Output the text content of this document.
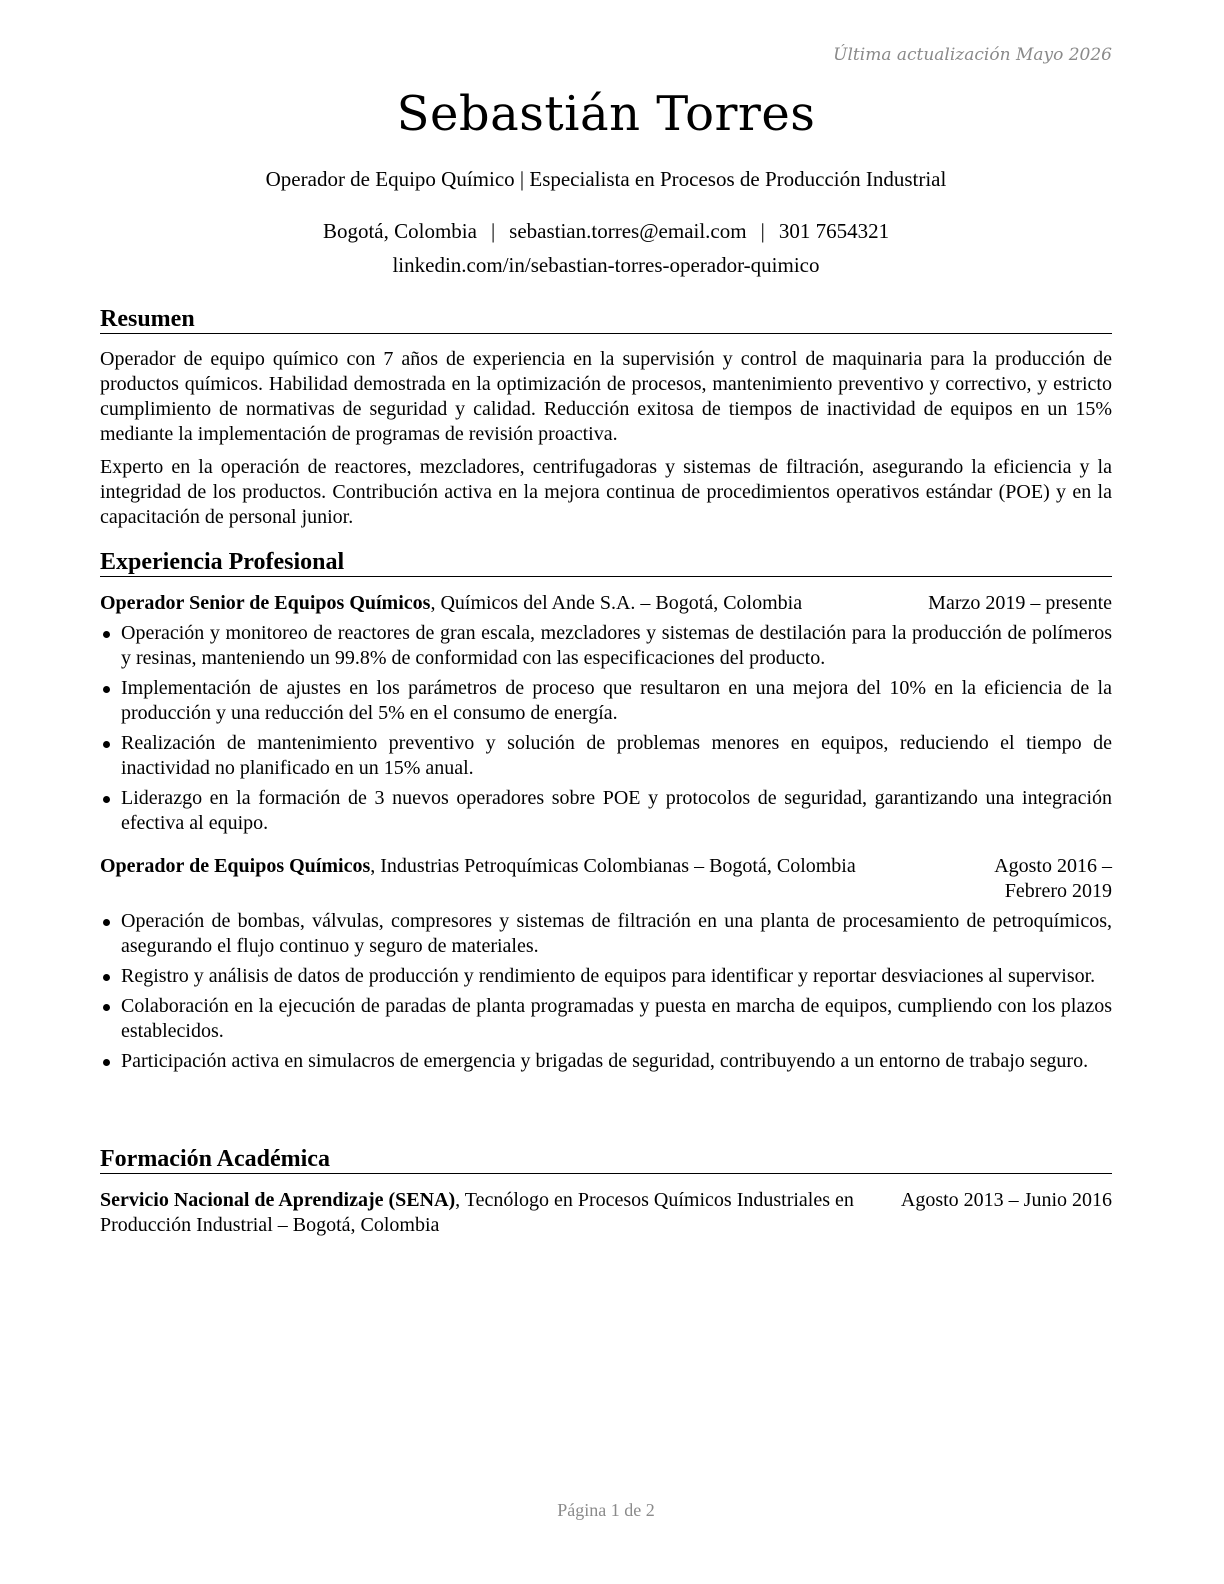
Última actualización Mayo 2026
Sebastián Torres
Operador de Equipo Químico | Especialista en Procesos de Producción Industrial
Bogotá, Colombia | sebastian.torres@email.com | 301 7654321
linkedin.com/in/sebastian-torres-operador-quimico
Resumen

Operador de equipo químico con 7 años de experiencia en la supervisión y control de maquinaria para la producción de productos químicos. Habilidad demostrada en la optimización de procesos, mantenimiento preventivo y correctivo, y estricto cumplimiento de normativas de seguridad y calidad. Reducción exitosa de tiempos de inactividad de equipos en un 15% mediante la implementación de programas de revisión proactiva.

Experto en la operación de reactores, mezcladores, centrifugadoras y sistemas de filtración, asegurando la eficiencia y la integridad de los productos. Contribución activa en la mejora continua de procedimientos operativos estándar (POE) y en la capacitación de personal junior.

Experiencia Profesional
Operador Senior de Equipos Químicos, Químicos del Ande S.A. – Bogotá, Colombia	Marzo 2019 – presente
Operación y monitoreo de reactores de gran escala, mezcladores y sistemas de destilación para la producción de polímeros y resinas, manteniendo un 99.8% de conformidad con las especificaciones del producto.
Implementación de ajustes en los parámetros de proceso que resultaron en una mejora del 10% en la eficiencia de la producción y una reducción del 5% en el consumo de energía.
Realización de mantenimiento preventivo y solución de problemas menores en equipos, reduciendo el tiempo de inactividad no planificado en un 15% anual.
Liderazgo en la formación de 3 nuevos operadores sobre POE y protocolos de seguridad, garantizando una integración efectiva al equipo.
Operador de Equipos Químicos, Industrias Petroquímicas Colombianas – Bogotá, Colombia	Agosto 2016 – Febrero 2019
Operación de bombas, válvulas, compresores y sistemas de filtración en una planta de procesamiento de petroquímicos, asegurando el flujo continuo y seguro de materiales.
Registro y análisis de datos de producción y rendimiento de equipos para identificar y reportar desviaciones al supervisor.
Colaboración en la ejecución de paradas de planta programadas y puesta en marcha de equipos, cumpliendo con los plazos establecidos.
Participación activa en simulacros de emergencia y brigadas de seguridad, contribuyendo a un entorno de trabajo seguro.
Formación Académica
Servicio Nacional de Aprendizaje (SENA), Tecnólogo en Procesos Químicos Industriales en Producción Industrial – Bogotá, Colombia
Agosto 2013 – Junio 2016
Página 1 de 2
